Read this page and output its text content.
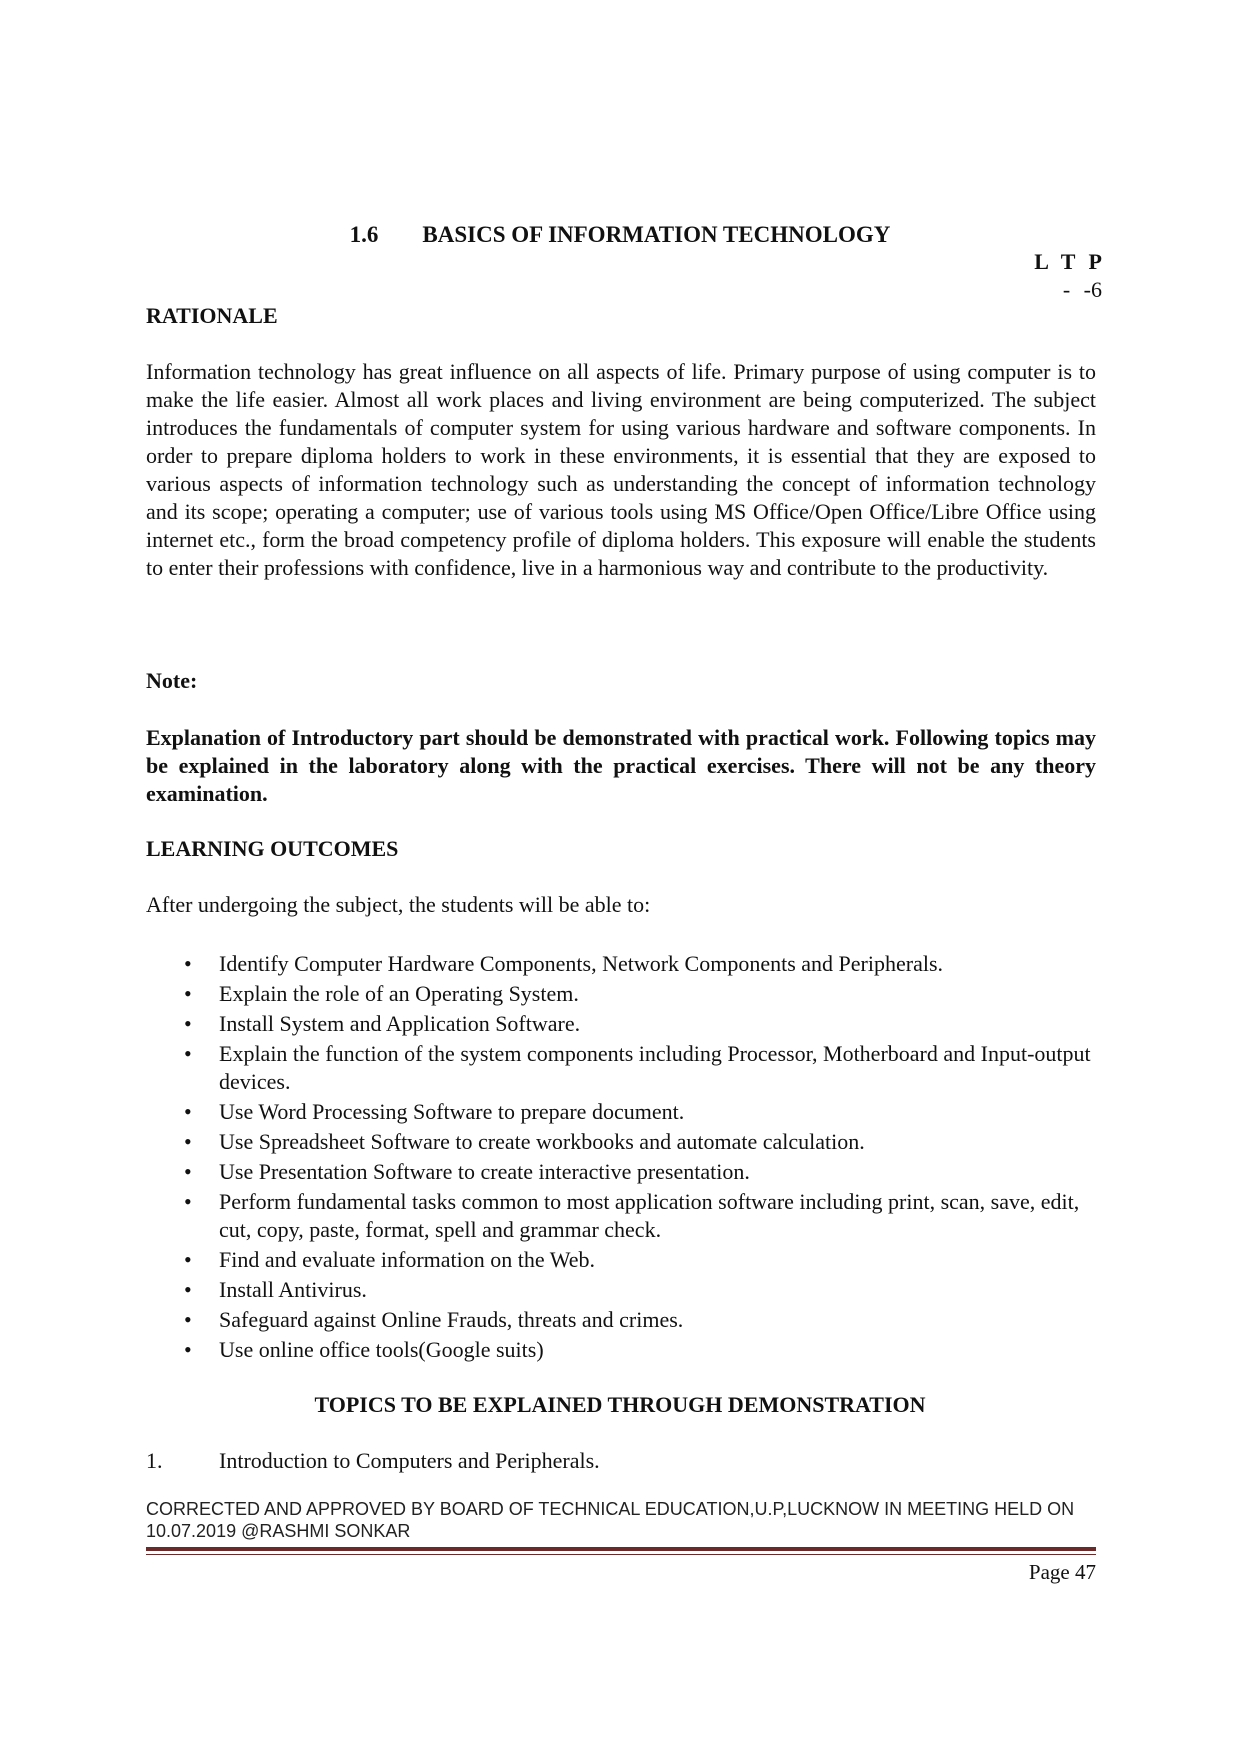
1.6 BASICS OF INFORMATION TECHNOLOGY
L T P
- -6
RATIONALE
Information technology has great influence on all aspects of life. Primary purpose of using computer is to make the life easier. Almost all work places and living environment are being computerized. The subject introduces the fundamentals of computer system for using various hardware and software components. In order to prepare diploma holders to work in these environments, it is essential that they are exposed to various aspects of information technology such as understanding the concept of information technology and its scope; operating a computer; use of various tools using MS Office/Open Office/Libre Office using internet etc., form the broad competency profile of diploma holders. This exposure will enable the students to enter their professions with confidence, live in a harmonious way and contribute to the productivity.
Note:
Explanation of Introductory part should be demonstrated with practical work. Following topics may be explained in the laboratory along with the practical exercises. There will not be any theory examination.
LEARNING OUTCOMES
After undergoing the subject, the students will be able to:
• Identify Computer Hardware Components, Network Components and Peripherals.
• Explain the role of an Operating System.
• Install System and Application Software.
• Explain the function of the system components including Processor, Motherboard and Input-output devices.
• Use Word Processing Software to prepare document.
• Use Spreadsheet Software to create workbooks and automate calculation.
• Use Presentation Software to create interactive presentation.
• Perform fundamental tasks common to most application software including print, scan, save, edit, cut, copy, paste, format, spell and grammar check.
• Find and evaluate information on the Web.
• Install Antivirus.
• Safeguard against Online Frauds, threats and crimes.
• Use online office tools(Google suits)
TOPICS TO BE EXPLAINED THROUGH DEMONSTRATION
1.	Introduction to Computers and Peripherals.
CORRECTED AND APPROVED BY BOARD OF TECHNICAL EDUCATION,U.P,LUCKNOW IN MEETING HELD ON
10.07.2019 @RASHMI SONKAR
Page 47
